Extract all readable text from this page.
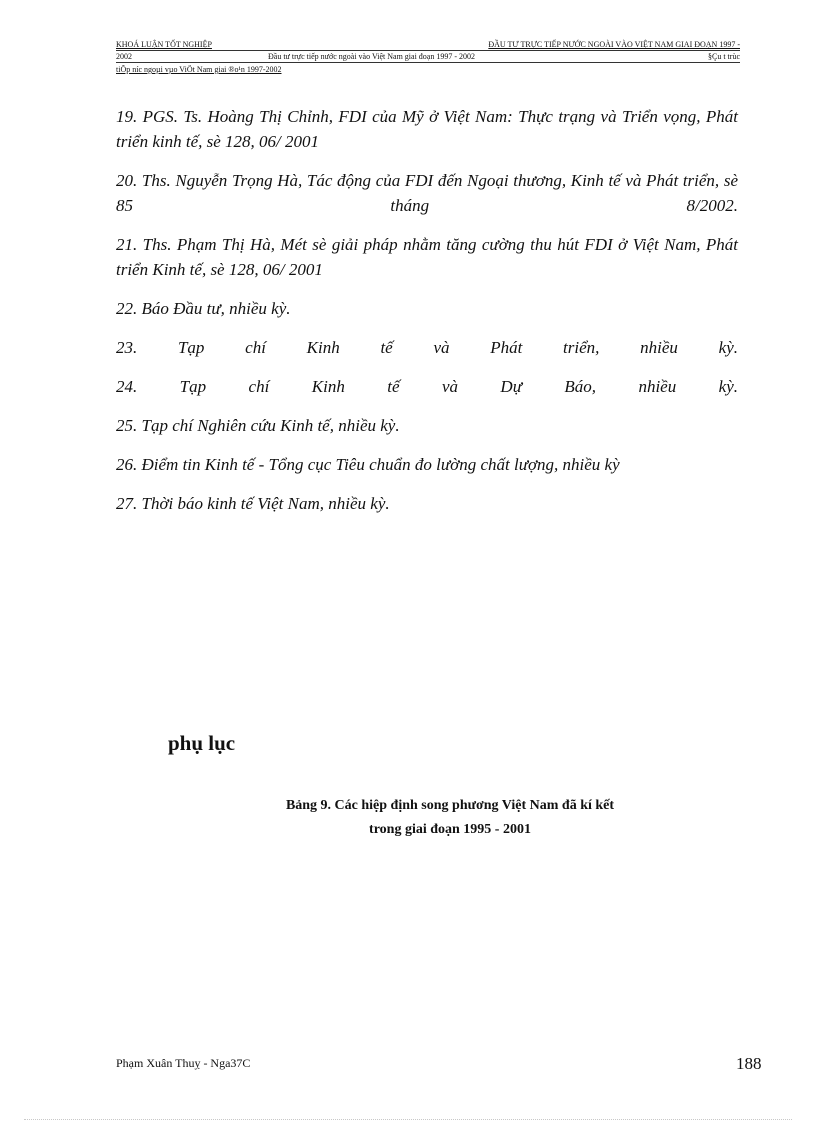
KHOÁ LUẬN TỐT NGHIỆP	ĐẦU TƯ TRỰC TIẾP NƯỚC NGOÀI VÀO VIỆT NAM GIAI ĐOẠN 1997 -
2002	Đầu tư trực tiếp nước ngoài vào Việt Nam giai đoạn 1997 - 2002	§Çu t trùc
tiÕp níc ngoµi vµo ViÖt Nam giai ®o¹n 1997-2002

19. PGS. Ts. Hoàng Thị Chỉnh, FDI của Mỹ ở Việt Nam: Thực trạng và Triển vọng, Phát triển kinh tế, sè 128, 06/ 2001

20. Ths. Nguyễn Trọng Hà, Tác động của FDI đến Ngoại thương, Kinh tế và Phát triển, sè 85 tháng 8/2002.

21. Ths. Phạm Thị Hà, Mét sè giải pháp nhằm tăng cường thu hút FDI ở Việt Nam, Phát triển Kinh tế, sè 128, 06/ 2001

22. Báo Đầu tư, nhiều kỳ.

23. Tạp chí Kinh tế và Phát triển, nhiều kỳ.

24. Tạp chí Kinh tế và Dự Báo, nhiều kỳ.

25. Tạp chí Nghiên cứu Kinh tế, nhiều kỳ.

26. Điểm tin Kinh tế - Tổng cục Tiêu chuẩn đo lường chất lượng, nhiều kỳ

27. Thời báo kinh tế Việt Nam, nhiều kỳ.

phụ lục
Bảng 9. Các hiệp định song phương Việt Nam đã kí kết
trong giai đoạn 1995 - 2001
Phạm Xuân Thuỵ - Nga37C	188
